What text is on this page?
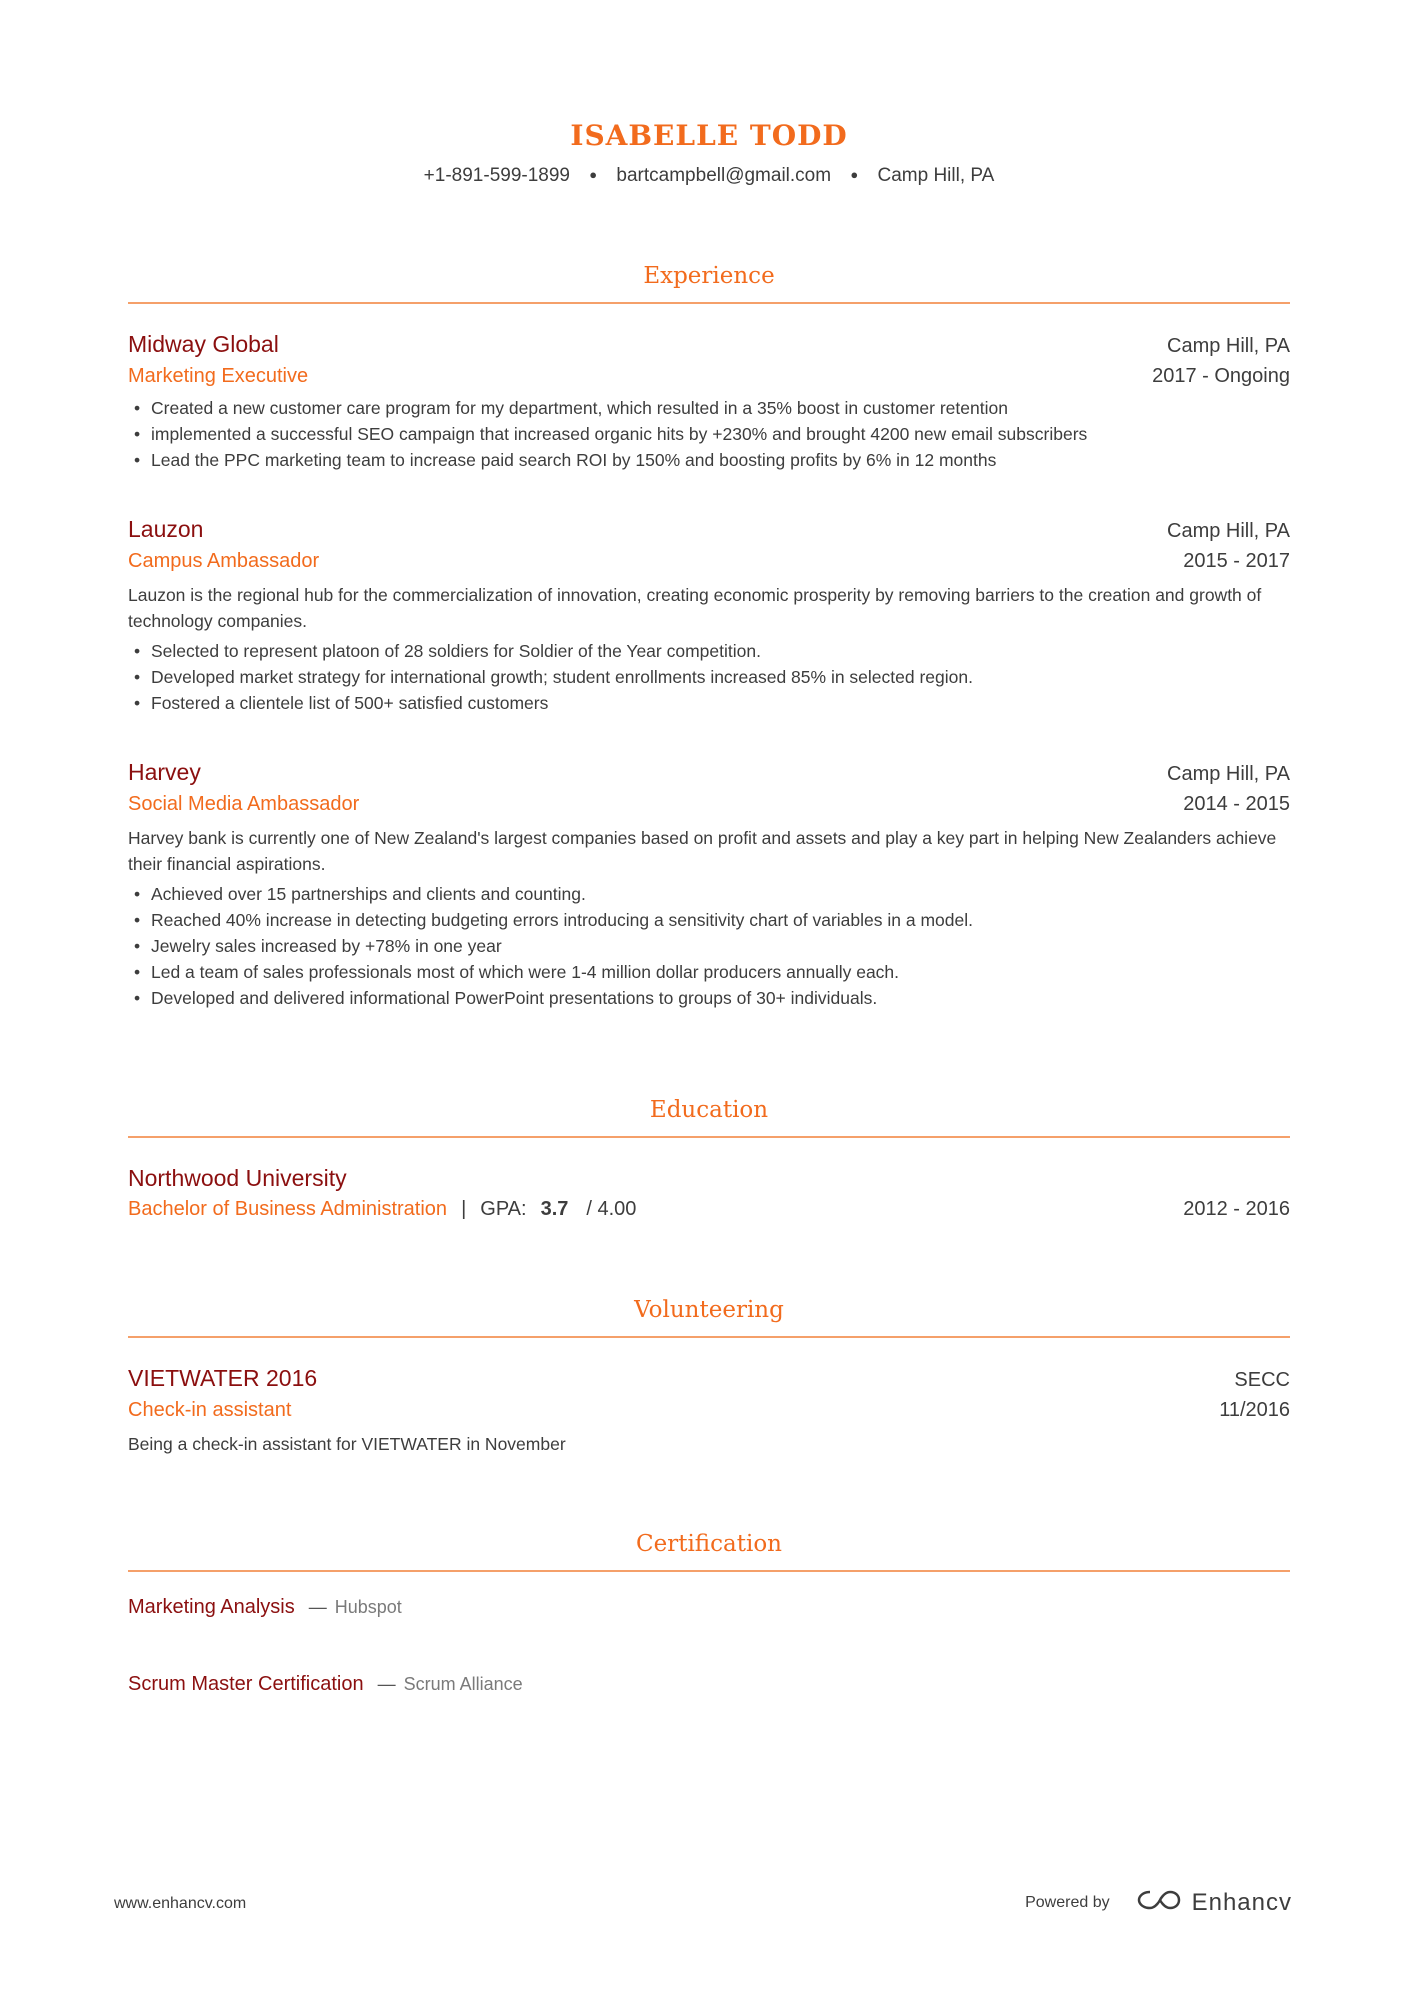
ISABELLE TODD
+1-891-599-1899 ● bartcampbell@gmail.com ● Camp Hill, PA
Experience
Midway Global	Camp Hill, PA
Marketing Executive	2017 - Ongoing
• Created a new customer care program for my department, which resulted in a 35% boost in customer retention
• implemented a successful SEO campaign that increased organic hits by +230% and brought 4200 new email subscribers
• Lead the PPC marketing team to increase paid search ROI by 150% and boosting profits by 6% in 12 months
Lauzon	Camp Hill, PA
Campus Ambassador	2015 - 2017
Lauzon is the regional hub for the commercialization of innovation, creating economic prosperity by removing barriers to the creation and growth of technology companies.
• Selected to represent platoon of 28 soldiers for Soldier of the Year competition.
• Developed market strategy for international growth; student enrollments increased 85% in selected region.
• Fostered a clientele list of 500+ satisfied customers
Harvey	Camp Hill, PA
Social Media Ambassador	2014 - 2015
Harvey bank is currently one of New Zealand's largest companies based on profit and assets and play a key part in helping New Zealanders achieve their financial aspirations.
• Achieved over 15 partnerships and clients and counting.
• Reached 40% increase in detecting budgeting errors introducing a sensitivity chart of variables in a model.
• Jewelry sales increased by +78% in one year
• Led a team of sales professionals most of which were 1-4 million dollar producers annually each.
• Developed and delivered informational PowerPoint presentations to groups of 30+ individuals.
Education
Northwood University
Bachelor of Business Administration | GPA: 3.7 / 4.00	2012 - 2016
Volunteering
VIETWATER 2016	SECC
Check-in assistant	11/2016
Being a check-in assistant for VIETWATER in November
Certification
Marketing Analysis — Hubspot
Scrum Master Certification — Scrum Alliance
www.enhancv.com	Powered by	Enhancv
